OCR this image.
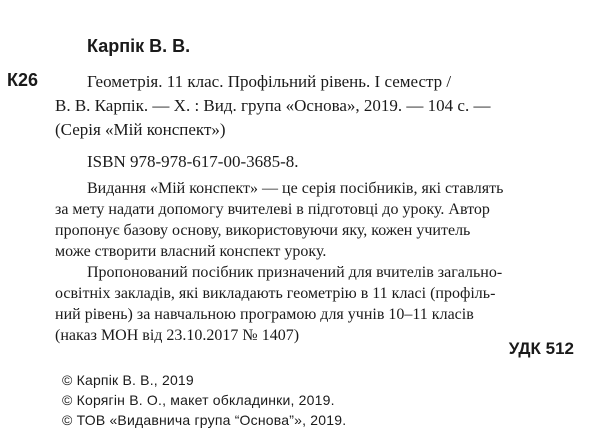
Карпік В. В.
К26	Геометрія. 11 клас. Профільний рівень. І семестр /
В. В. Карпік. — Х. : Вид. група «Основа», 2019. — 104 с. —
(Серія «Мій конспект»)
ISBN 978-978-617-00-3685-8.
Видання «Мій конспект» — це серія посібників, які ставлять
за мету надати допомогу вчителеві в підготовці до уроку. Автор
пропонує базову основу, використовуючи яку, кожен учитель
може створити власний конспект уроку.
Пропонований посібник призначений для вчителів загально-
освітніх закладів, які викладають геометрію в 11 класі (профіль-
ний рівень) за навчальною програмою для учнів 10–11 класів
(наказ МОН від 23.10.2017 № 1407)
УДК 512
© Карпік В. В., 2019
© Корягін В. О., макет обкладинки, 2019.
© ТОВ «Видавнича група “Основа”», 2019.
